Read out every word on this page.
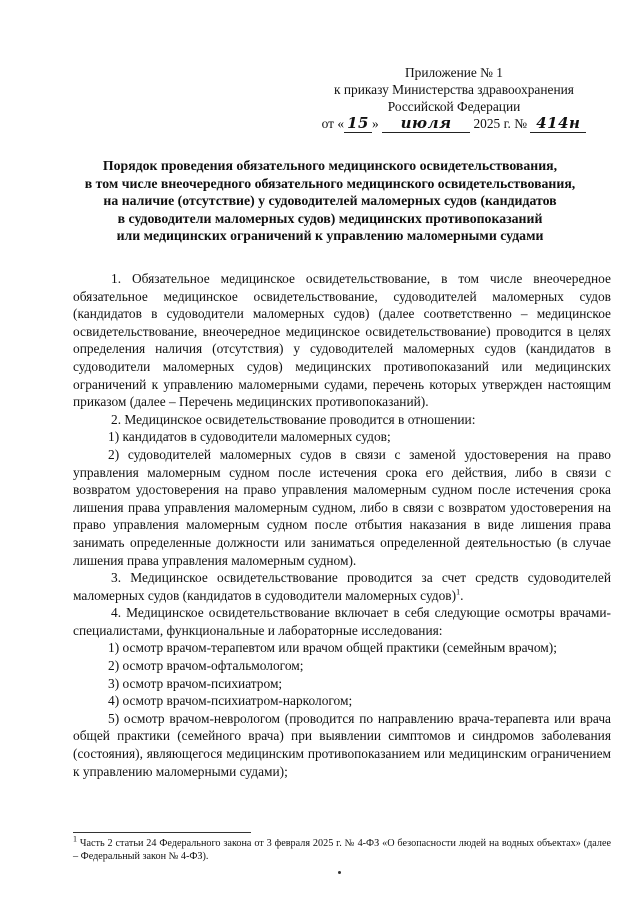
Приложение № 1
к приказу Министерства здравоохранения
Российской Федерации
от « 15 » июля 2025 г. № 414н
Порядок проведения обязательного медицинского освидетельствования,
в том числе внеочередного обязательного медицинского освидетельствования,
на наличие (отсутствие) у судоводителей маломерных судов (кандидатов
в судоводители маломерных судов) медицинских противопоказаний
или медицинских ограничений к управлению маломерными судами

1. Обязательное медицинское освидетельствование, в том числе внеочередное обязательное медицинское освидетельствование, судоводителей маломерных судов (кандидатов в судоводители маломерных судов) (далее соответственно – медицинское освидетельствование, внеочередное медицинское освидетельствование) проводится в целях определения наличия (отсутствия) у судоводителей маломерных судов (кандидатов в судоводители маломерных судов) медицинских противопоказаний или медицинских ограничений к управлению маломерными судами, перечень которых утвержден настоящим приказом (далее – Перечень медицинских противопоказаний).

2. Медицинское освидетельствование проводится в отношении:

1) кандидатов в судоводители маломерных судов;

2) судоводителей маломерных судов в связи с заменой удостоверения на право управления маломерным судном после истечения срока его действия, либо в связи с возвратом удостоверения на право управления маломерным судном после истечения срока лишения права управления маломерным судном, либо в связи с возвратом удостоверения на право управления маломерным судном после отбытия наказания в виде лишения права занимать определенные должности или заниматься определенной деятельностью (в случае лишения права управления маломерным судном).

3. Медицинское освидетельствование проводится за счет средств судоводителей маломерных судов (кандидатов в судоводители маломерных судов)$^1$.

4. Медицинское освидетельствование включает в себя следующие осмотры врачами-специалистами, функциональные и лабораторные исследования:

1) осмотр врачом-терапевтом или врачом общей практики (семейным врачом);

2) осмотр врачом-офтальмологом;

3) осмотр врачом-психиатром;

4) осмотр врачом-психиатром-наркологом;

5) осмотр врачом-неврологом (проводится по направлению врача-терапевта или врача общей практики (семейного врача) при выявлении симптомов и синдромов заболевания (состояния), являющегося медицинским противопоказанием или медицинским ограничением к управлению маломерными судами);

$^1$ Часть 2 статьи 24 Федерального закона от 3 февраля 2025 г. № 4-ФЗ «О безопасности людей на водных объектах» (далее – Федеральный закон № 4-ФЗ).
